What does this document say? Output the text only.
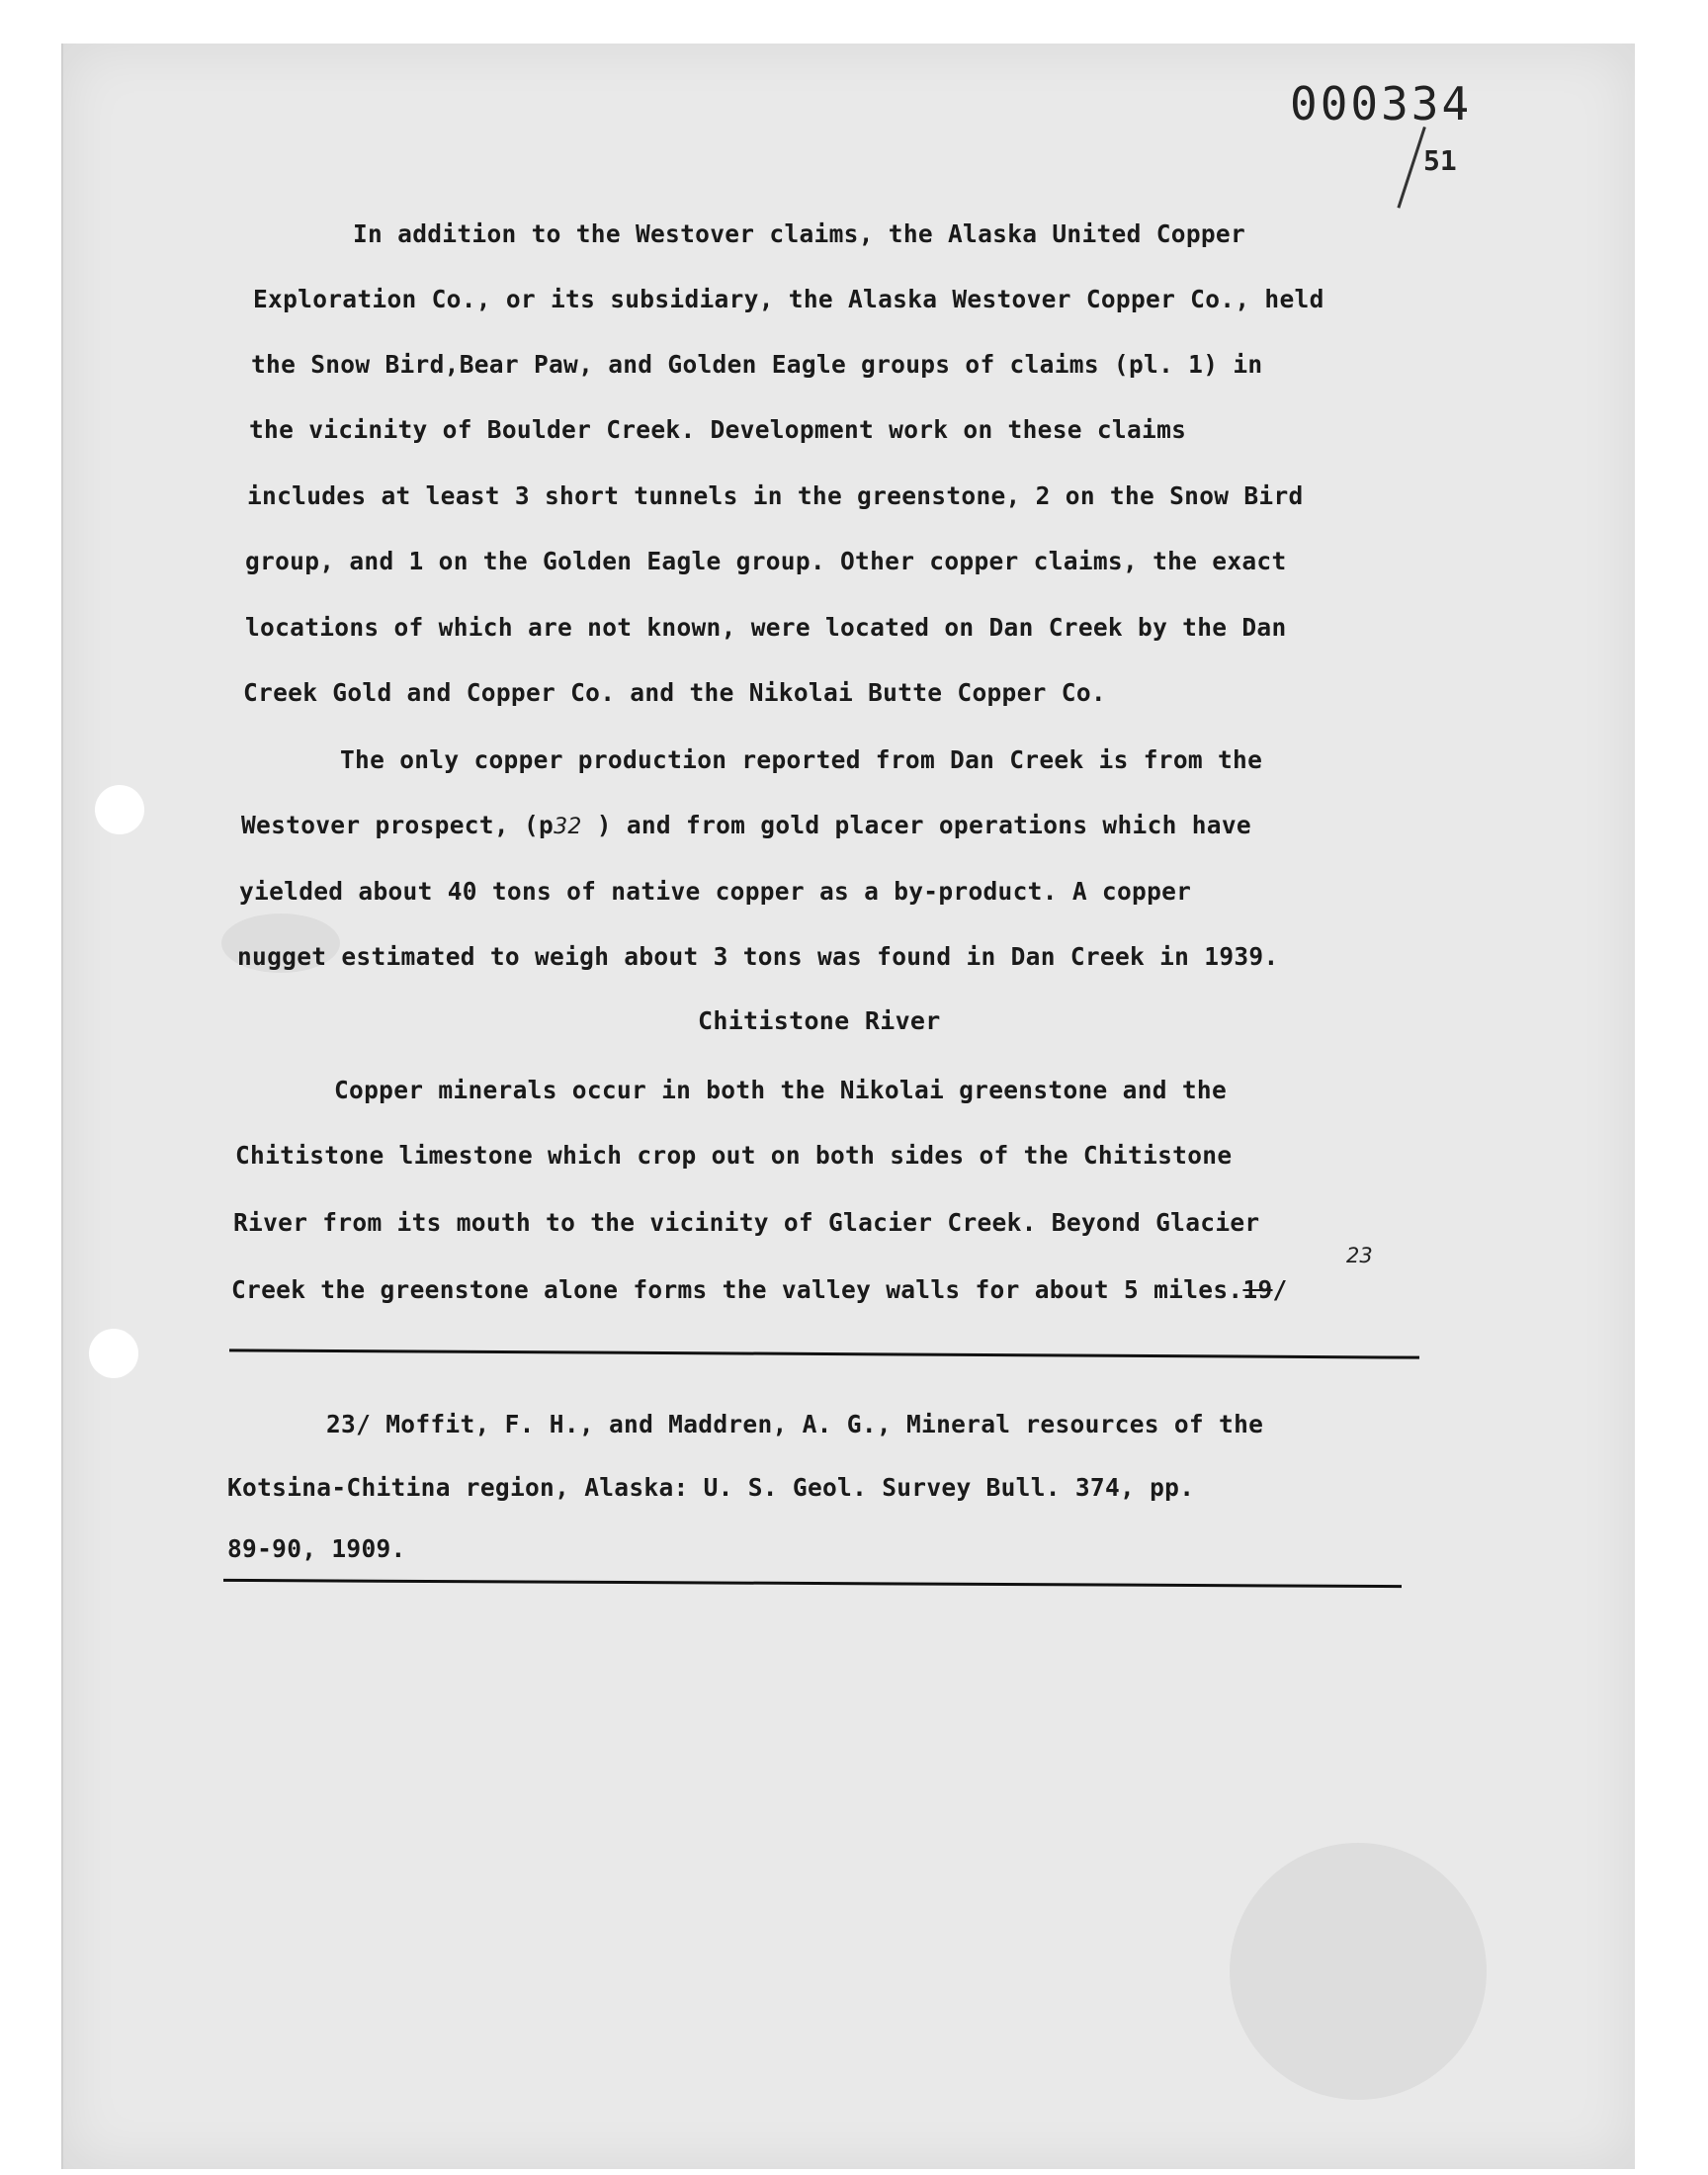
000334
51
In addition to the Westover claims, the Alaska United Copper
Exploration Co., or its subsidiary, the Alaska Westover Copper Co., held
the Snow Bird,Bear Paw, and Golden Eagle groups of claims (pl. 1) in
the vicinity of Boulder Creek. Development work on these claims
includes at least 3 short tunnels in the greenstone, 2 on the Snow Bird
group, and 1 on the Golden Eagle group. Other copper claims, the exact
locations of which are not known, were located on Dan Creek by the Dan
Creek Gold and Copper Co. and the Nikolai Butte Copper Co.
The only copper production reported from Dan Creek is from the
Westover prospect, (p32 ) and from gold placer operations which have
yielded about 40 tons of native copper as a by-product. A copper
nugget estimated to weigh about 3 tons was found in Dan Creek in 1939.
Chitistone River
Copper minerals occur in both the Nikolai greenstone and the
Chitistone limestone which crop out on both sides of the Chitistone
River from its mouth to the vicinity of Glacier Creek. Beyond Glacier
Creek the greenstone alone forms the valley walls for about 5 miles.19/
23
23/ Moffit, F. H., and Maddren, A. G., Mineral resources of the
Kotsina-Chitina region, Alaska: U. S. Geol. Survey Bull. 374, pp.
89-90, 1909.
